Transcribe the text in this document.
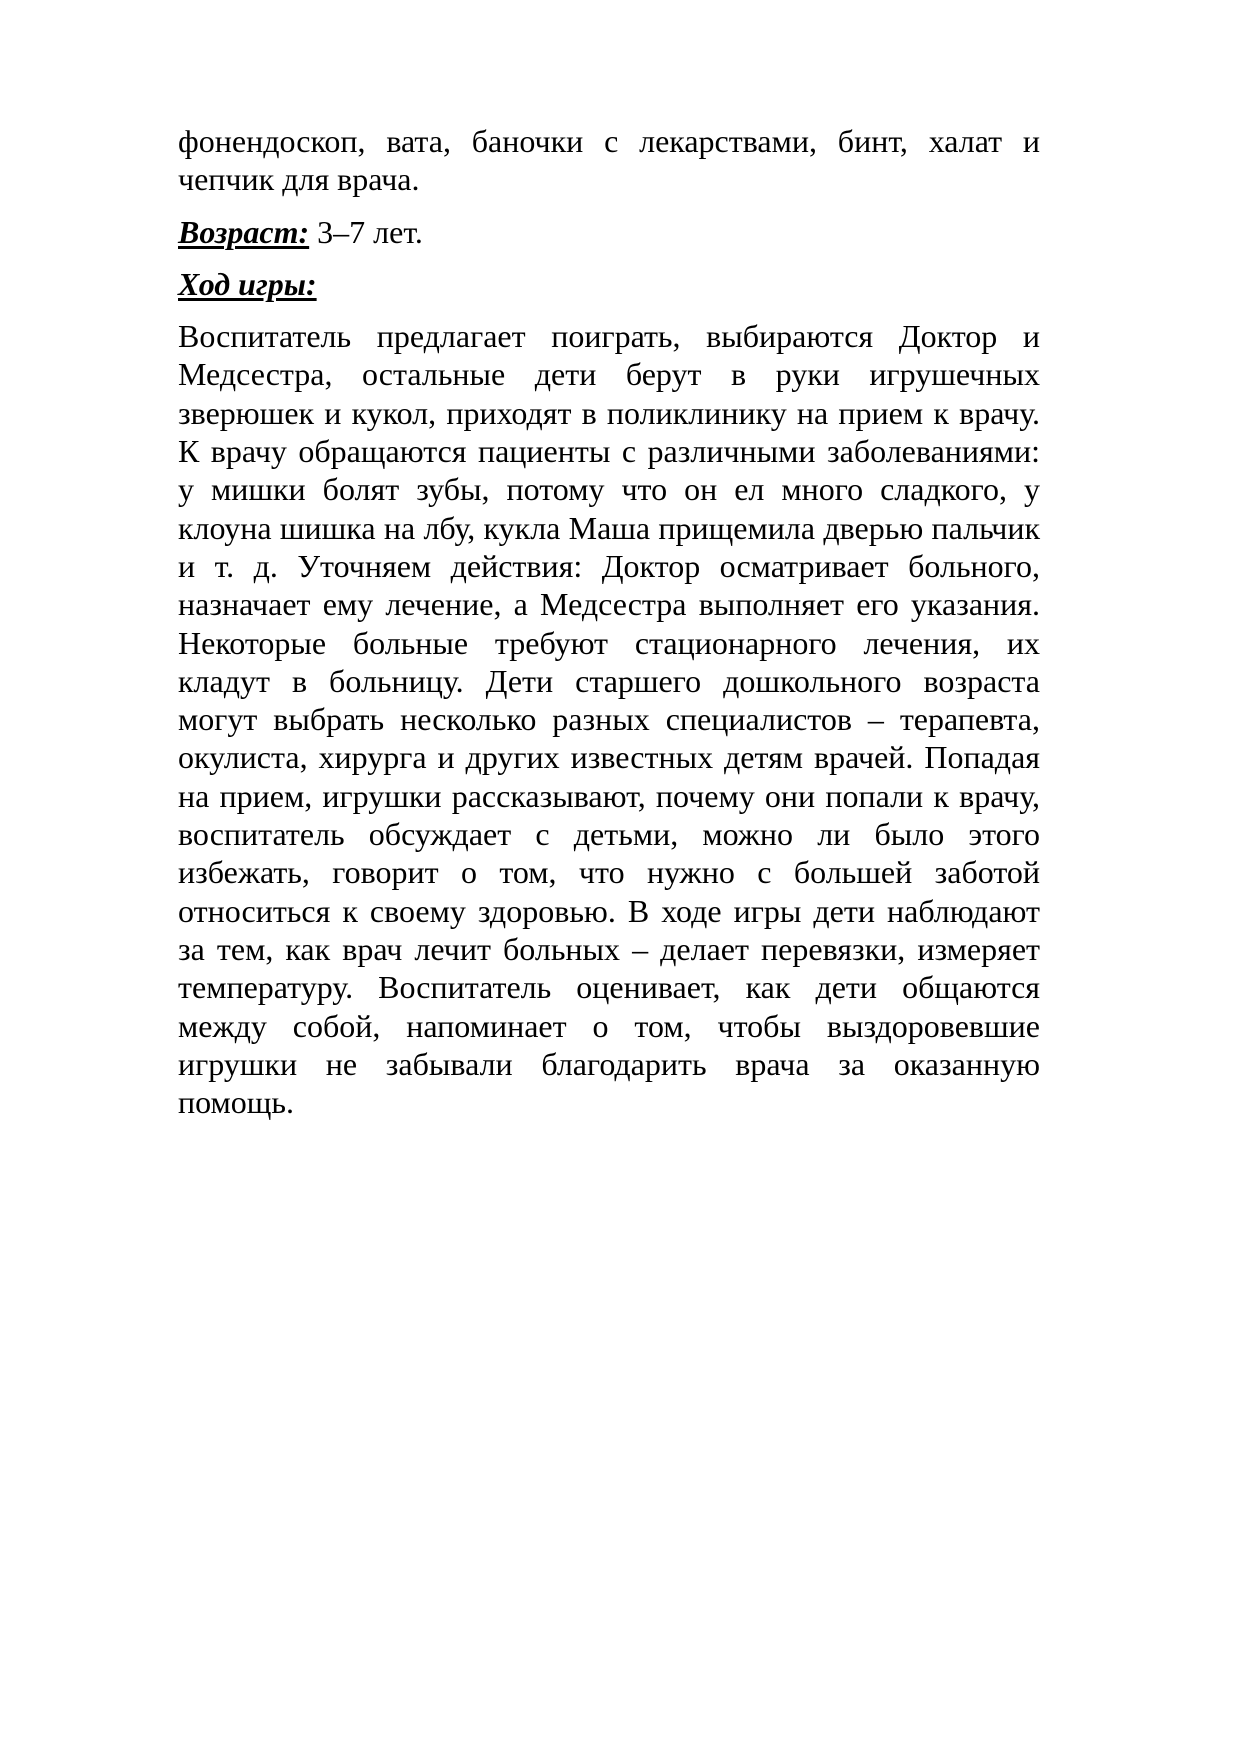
фонендоскоп, вата, баночки с лекарствами, бинт, халат и чепчик для врача.

Возраст: 3–7 лет.

Ход игры:

Воспитатель предлагает поиграть, выбираются Доктор и Медсестра, остальные дети берут в руки игрушечных зверюшек и кукол, приходят в поликлинику на прием к врачу. К врачу обращаются пациенты с различными заболеваниями: у мишки болят зубы, потому что он ел много сладкого, у клоуна шишка на лбу, кукла Маша прищемила дверью пальчик и т. д. Уточняем действия: Доктор осматривает больного, назначает ему лечение, а Медсестра выполняет его указания. Некоторые больные требуют стационарного лечения, их кладут в больницу. Дети старшего дошкольного возраста могут выбрать несколько разных специалистов – терапевта, окулиста, хирурга и других известных детям врачей. Попадая на прием, игрушки рассказывают, почему они попали к врачу, воспитатель обсуждает с детьми, можно ли было этого избежать, говорит о том, что нужно с большей заботой относиться к своему здоровью. В ходе игры дети наблюдают за тем, как врач лечит больных – делает перевязки, измеряет температуру. Воспитатель оценивает, как дети общаются между собой, напоминает о том, чтобы выздоровевшие игрушки не забывали благодарить врача за оказанную помощь.
